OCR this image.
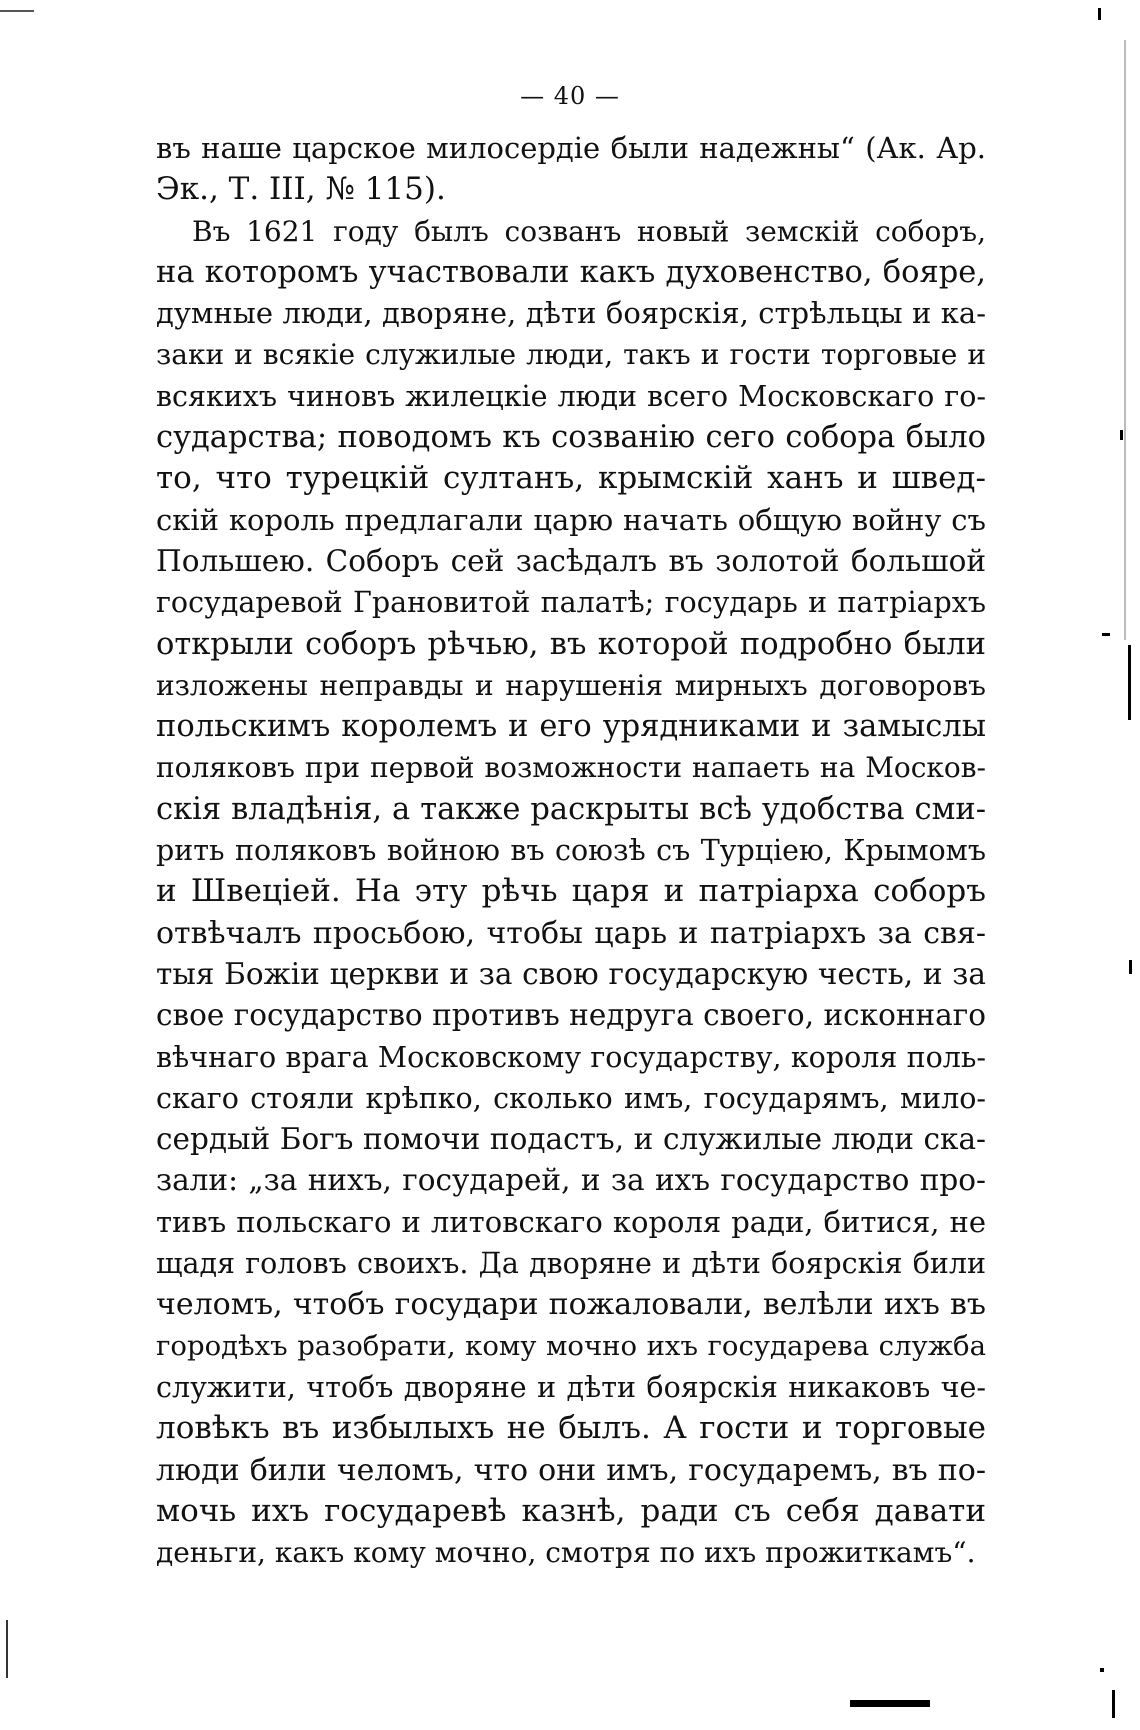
— 40 —
въ наше царское милосердіе были надежны“ (Ак. Ар.
Эк., Т. III, № 115).
Въ 1621 году былъ созванъ новый земскій соборъ,
на которомъ участвовали какъ духовенство, бояре,
думные люди, дворяне, дѣти боярскія, стрѣльцы и ка-
заки и всякіе служилые люди, такъ и гости торговые и
всякихъ чиновъ жилецкіе люди всего Московскаго го-
сударства; поводомъ къ созванію сего собора было
то, что турецкій султанъ, крымскій ханъ и швед-
скій король предлагали царю начать общую войну съ
Польшею. Соборъ сей засѣдалъ въ золотой большой
государевой Грановитой палатѣ; государь и патріархъ
открыли соборъ рѣчью, въ которой подробно были
изложены неправды и нарушенія мирныхъ договоровъ
польскимъ королемъ и его урядниками и замыслы
поляковъ при первой возможности напаеть на Москов-
скія владѣнія, а также раскрыты всѣ удобства сми-
рить поляковъ войною въ союзѣ съ Турціею, Крымомъ
и Швеціей. На эту рѣчь царя и патріарха соборъ
отвѣчалъ просьбою, чтобы царь и патріархъ за свя-
тыя Божіи церкви и за свою государскую честь, и за
свое государство противъ недруга своего, исконнаго
вѣчнаго врага Московскому государству, короля поль-
скаго стояли крѣпко, сколько имъ, государямъ, мило-
сердый Богъ помочи подастъ, и служилые люди ска-
зали: „за нихъ, государей, и за ихъ государство про-
тивъ польскаго и литовскаго короля ради, битися, не
щадя головъ своихъ. Да дворяне и дѣти боярскія били
челомъ, чтобъ государи пожаловали, велѣли ихъ въ
городѣхъ разобрати, кому мочно ихъ государева служба
служити, чтобъ дворяне и дѣти боярскія никаковъ че-
ловѣкъ въ избылыхъ не былъ. А гости и торговые
люди били челомъ, что они имъ, государемъ, въ по-
мочь ихъ государевѣ казнѣ, ради съ себя давати
деньги, какъ кому мочно, смотря по ихъ прожиткамъ“.
